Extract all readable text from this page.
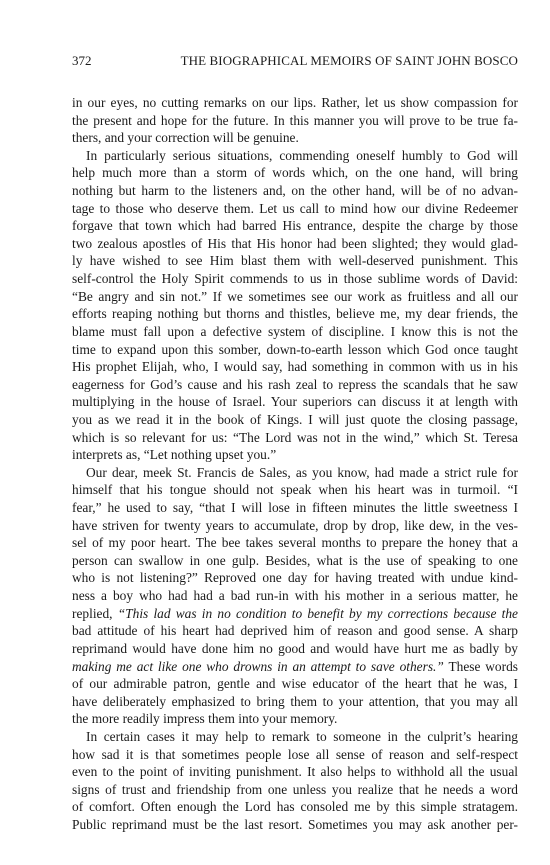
372	THE BIOGRAPHICAL MEMOIRS OF SAINT JOHN BOSCO
in our eyes, no cutting remarks on our lips. Rather, let us show compassion for
the present and hope for the future. In this manner you will prove to be true fa-
thers, and your correction will be genuine.
In particularly serious situations, commending oneself humbly to God will
help much more than a storm of words which, on the one hand, will bring
nothing but harm to the listeners and, on the other hand, will be of no advan-
tage to those who deserve them. Let us call to mind how our divine Redeemer
forgave that town which had barred His entrance, despite the charge by those
two zealous apostles of His that His honor had been slighted; they would glad-
ly have wished to see Him blast them with well-deserved punishment. This
self-control the Holy Spirit commends to us in those sublime words of David:
“Be angry and sin not.” If we sometimes see our work as fruitless and all our
efforts reaping nothing but thorns and thistles, believe me, my dear friends, the
blame must fall upon a defective system of discipline. I know this is not the
time to expand upon this somber, down-to-earth lesson which God once taught
His prophet Elijah, who, I would say, had something in common with us in his
eagerness for God’s cause and his rash zeal to repress the scandals that he saw
multiplying in the house of Israel. Your superiors can discuss it at length with
you as we read it in the book of Kings. I will just quote the closing passage,
which is so relevant for us: “The Lord was not in the wind,” which St. Teresa
interprets as, “Let nothing upset you.”
Our dear, meek St. Francis de Sales, as you know, had made a strict rule for
himself that his tongue should not speak when his heart was in turmoil. “I
fear,” he used to say, “that I will lose in fifteen minutes the little sweetness I
have striven for twenty years to accumulate, drop by drop, like dew, in the ves-
sel of my poor heart. The bee takes several months to prepare the honey that a
person can swallow in one gulp. Besides, what is the use of speaking to one
who is not listening?” Reproved one day for having treated with undue kind-
ness a boy who had had a bad run-in with his mother in a serious matter, he
replied, “This lad was in no condition to benefit by my corrections because the
bad attitude of his heart had deprived him of reason and good sense. A sharp
reprimand would have done him no good and would have hurt me as badly by
making me act like one who drowns in an attempt to save others.” These words
of our admirable patron, gentle and wise educator of the heart that he was, I
have deliberately emphasized to bring them to your attention, that you may all
the more readily impress them into your memory.
In certain cases it may help to remark to someone in the culprit’s hearing
how sad it is that sometimes people lose all sense of reason and self-respect
even to the point of inviting punishment. It also helps to withhold all the usual
signs of trust and friendship from one unless you realize that he needs a word
of comfort. Often enough the Lord has consoled me by this simple stratagem.
Public reprimand must be the last resort. Sometimes you may ask another per-
